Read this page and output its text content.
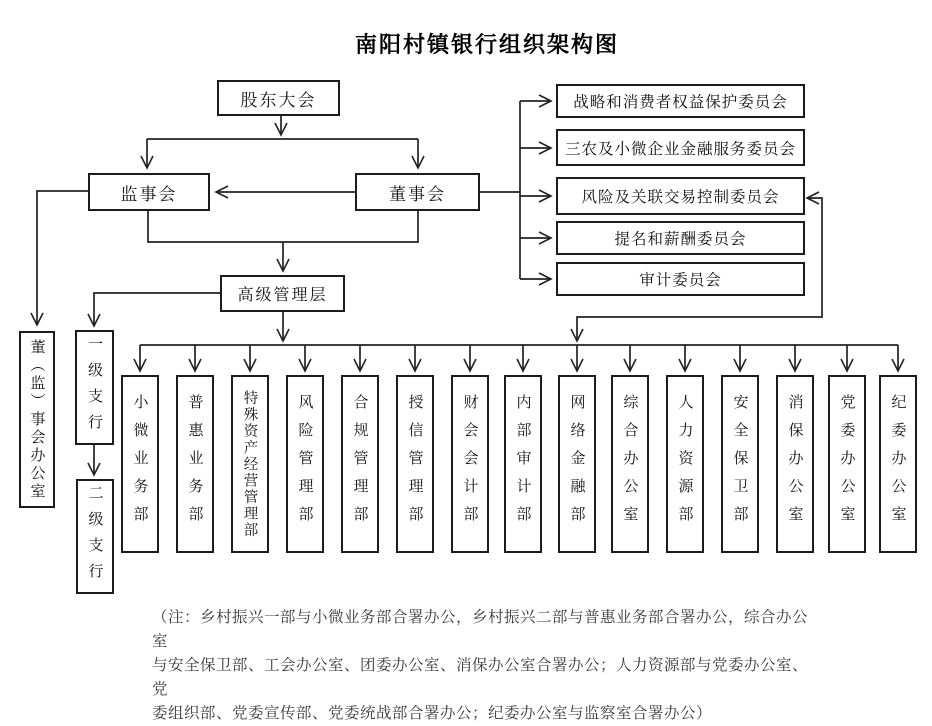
南阳村镇银行组织架构图
股东大会
监事会	董事会
高级管理层
战略和消费者权益保护委员会
三农及小微企业金融服务委员会
风险及关联交易控制委员会
提名和薪酬委员会
审计委员会
董（监）事会办公室	一级支行
二级支行
小微业务部	普惠业务部	特殊资产经营管理部	风险管理部	合规管理部	授信管理部	财会会计部	内部审计部	网络金融部	综合办公室	人力资源部	安全保卫部	消保办公室	党委办公室	纪委办公室
（注：乡村振兴一部与小微业务部合署办公，乡村振兴二部与普惠业务部合署办公，综合办公室
与安全保卫部、工会办公室、团委办公室、消保办公室合署办公；人力资源部与党委办公室、党
委组织部、党委宣传部、党委统战部合署办公；纪委办公室与监察室合署办公）
